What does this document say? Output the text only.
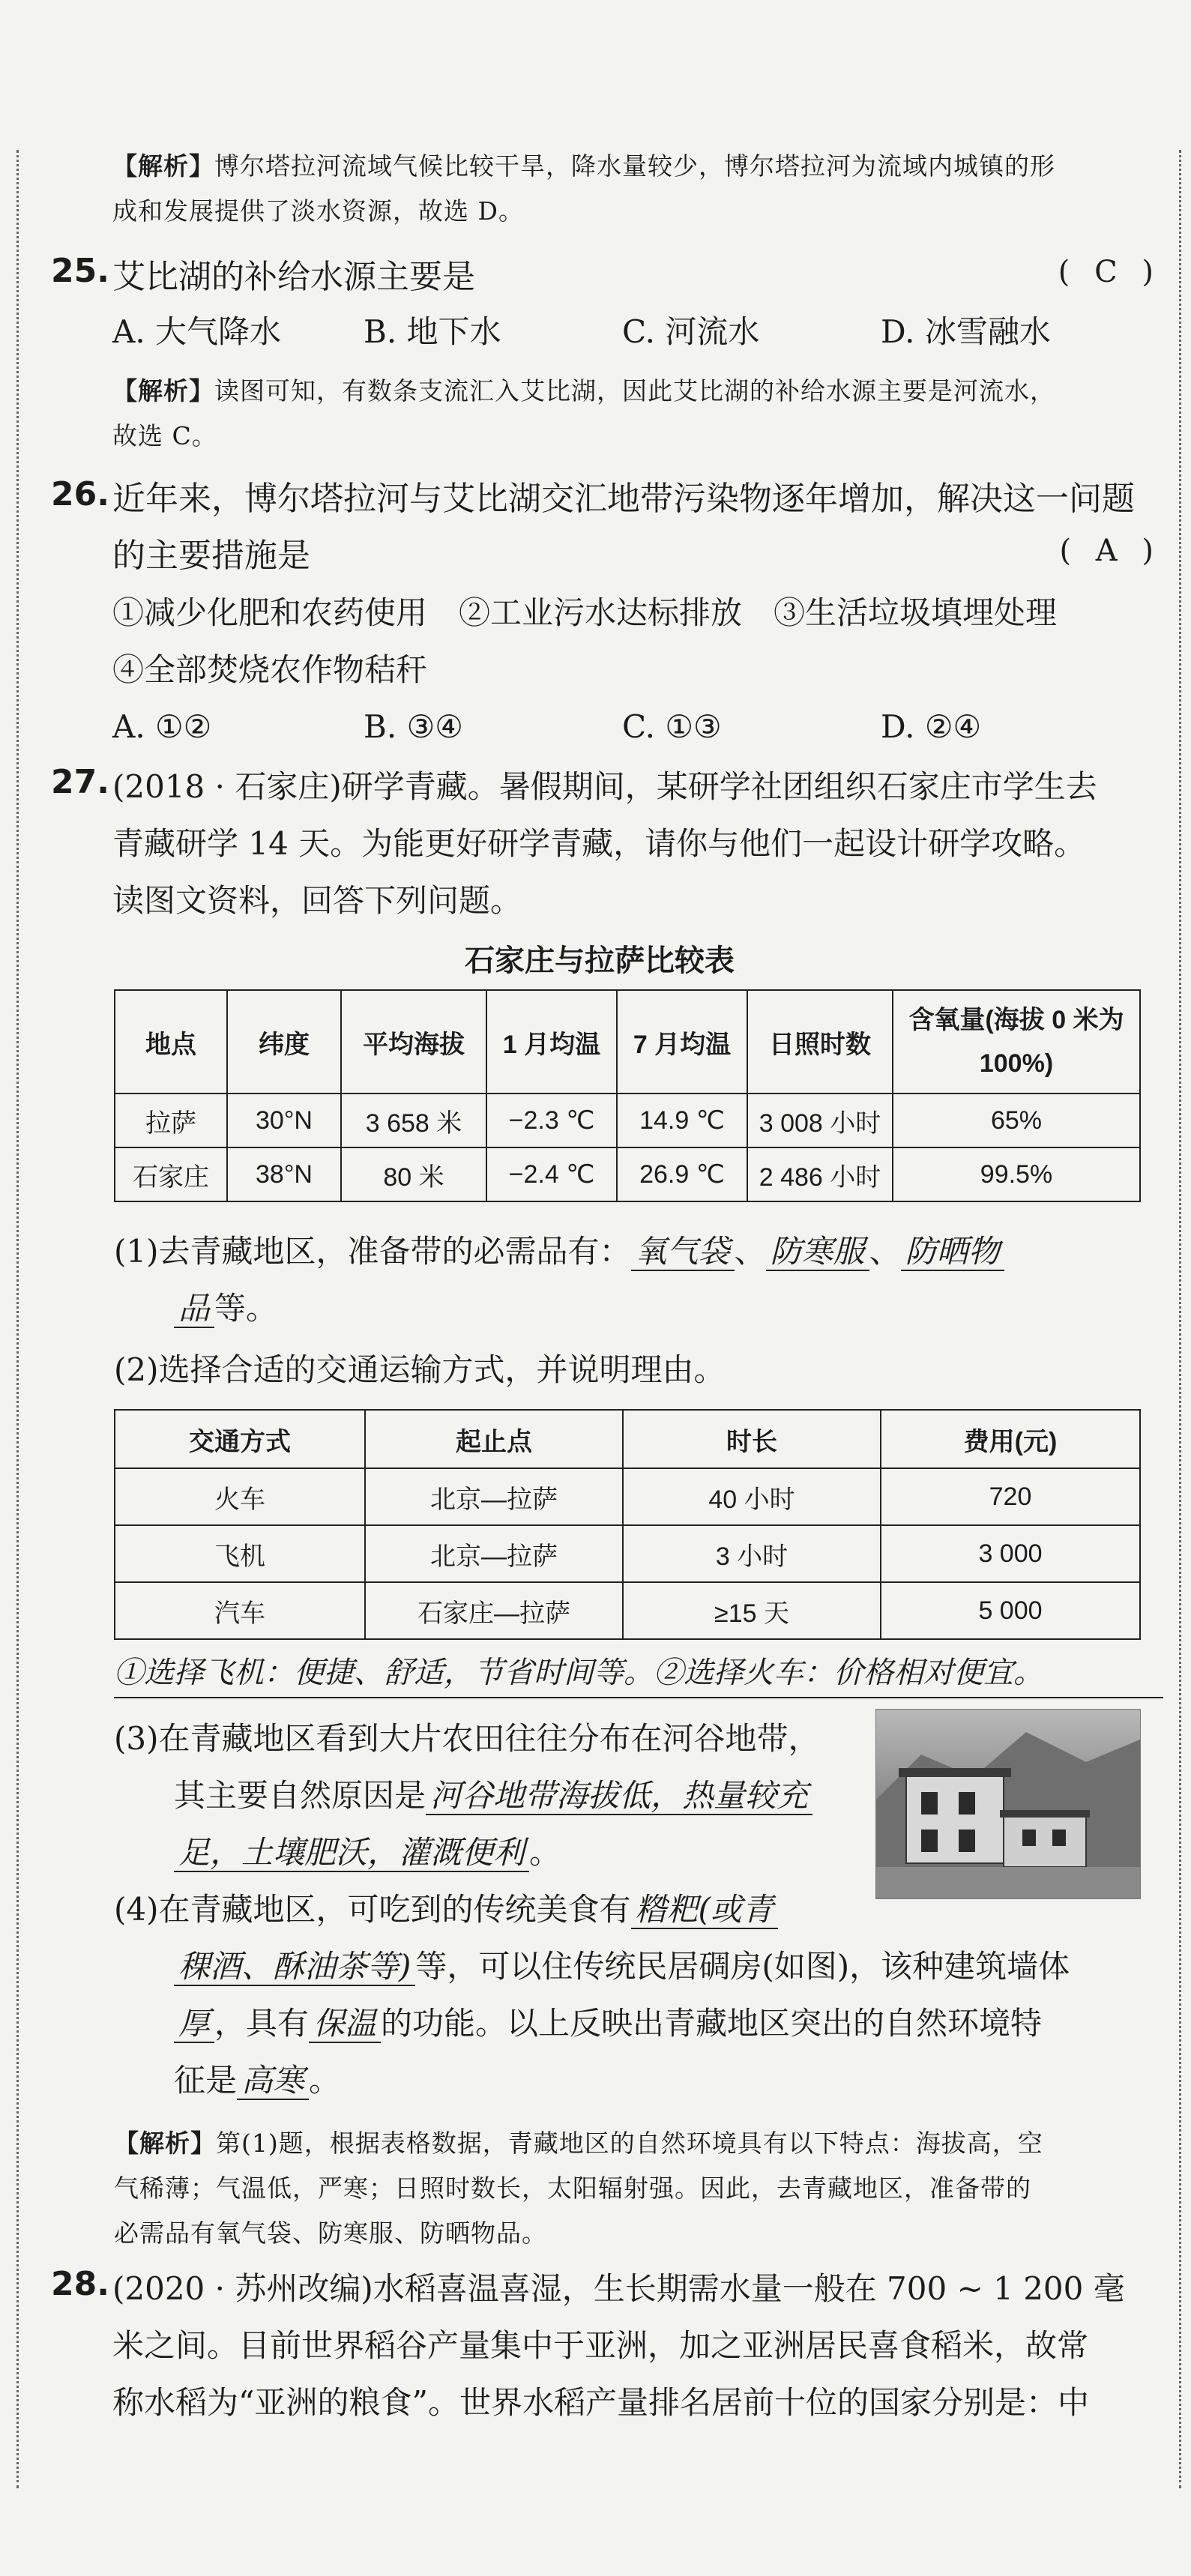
【解析】博尔塔拉河流域气候比较干旱，降水量较少，博尔塔拉河为流域内城镇的形
成和发展提供了淡水资源，故选 D。
25. 艾比湖的补给水源主要是	( C )
A. 大气降水	B. 地下水	C. 河流水	D. 冰雪融水
【解析】读图可知，有数条支流汇入艾比湖，因此艾比湖的补给水源主要是河流水，
故选 C。
26. 近年来，博尔塔拉河与艾比湖交汇地带污染物逐年增加，解决这一问题
的主要措施是	( A )
①减少化肥和农药使用　②工业污水达标排放　③生活垃圾填埋处理
④全部焚烧农作物秸秆
A. ①②	B. ③④	C. ①③	D. ②④
27. (2018 · 石家庄)研学青藏。暑假期间，某研学社团组织石家庄市学生去
青藏研学 14 天。为能更好研学青藏，请你与他们一起设计研学攻略。
读图文资料，回答下列问题。
石家庄与拉萨比较表
地点	纬度	平均海拔	1 月均温	7 月均温	日照时数	含氧量(海拔 0 米为 100%)
拉萨	30°N	3 658 米	−2.3 ℃	14.9 ℃	3 008 小时	65%
石家庄	38°N	80 米	−2.4 ℃	26.9 ℃	2 486 小时	99.5%
(1)去青藏地区，准备带的必需品有： 氧气袋 、 防寒服 、 防晒物
品 等。
(2)选择合适的交通运输方式，并说明理由。
交通方式	起止点	时长	费用(元)
火车	北京—拉萨	40 小时	720
飞机	北京—拉萨	3 小时	3 000
汽车	石家庄—拉萨	≥15 天	5 000
①选择飞机：便捷、舒适，节省时间等。②选择火车：价格相对便宜。
(3)在青藏地区看到大片农田往往分布在河谷地带，
其主要自然原因是 河谷地带海拔低，热量较充
足，土壤肥沃，灌溉便利 。
(4)在青藏地区，可吃到的传统美食有 糌粑(或青
稞酒、酥油茶等) 等，可以住传统民居碉房(如图)，该种建筑墙体
厚 ，具有 保温 的功能。以上反映出青藏地区突出的自然环境特
征是 高寒 。
【解析】第(1)题，根据表格数据，青藏地区的自然环境具有以下特点：海拔高，空
气稀薄；气温低，严寒；日照时数长，太阳辐射强。因此，去青藏地区，准备带的
必需品有氧气袋、防寒服、防晒物品。
28. (2020 · 苏州改编)水稻喜温喜湿，生长期需水量一般在 700 ~ 1 200 毫
米之间。目前世界稻谷产量集中于亚洲，加之亚洲居民喜食稻米，故常
称水稻为“亚洲的粮食”。世界水稻产量排名居前十位的国家分别是：中
